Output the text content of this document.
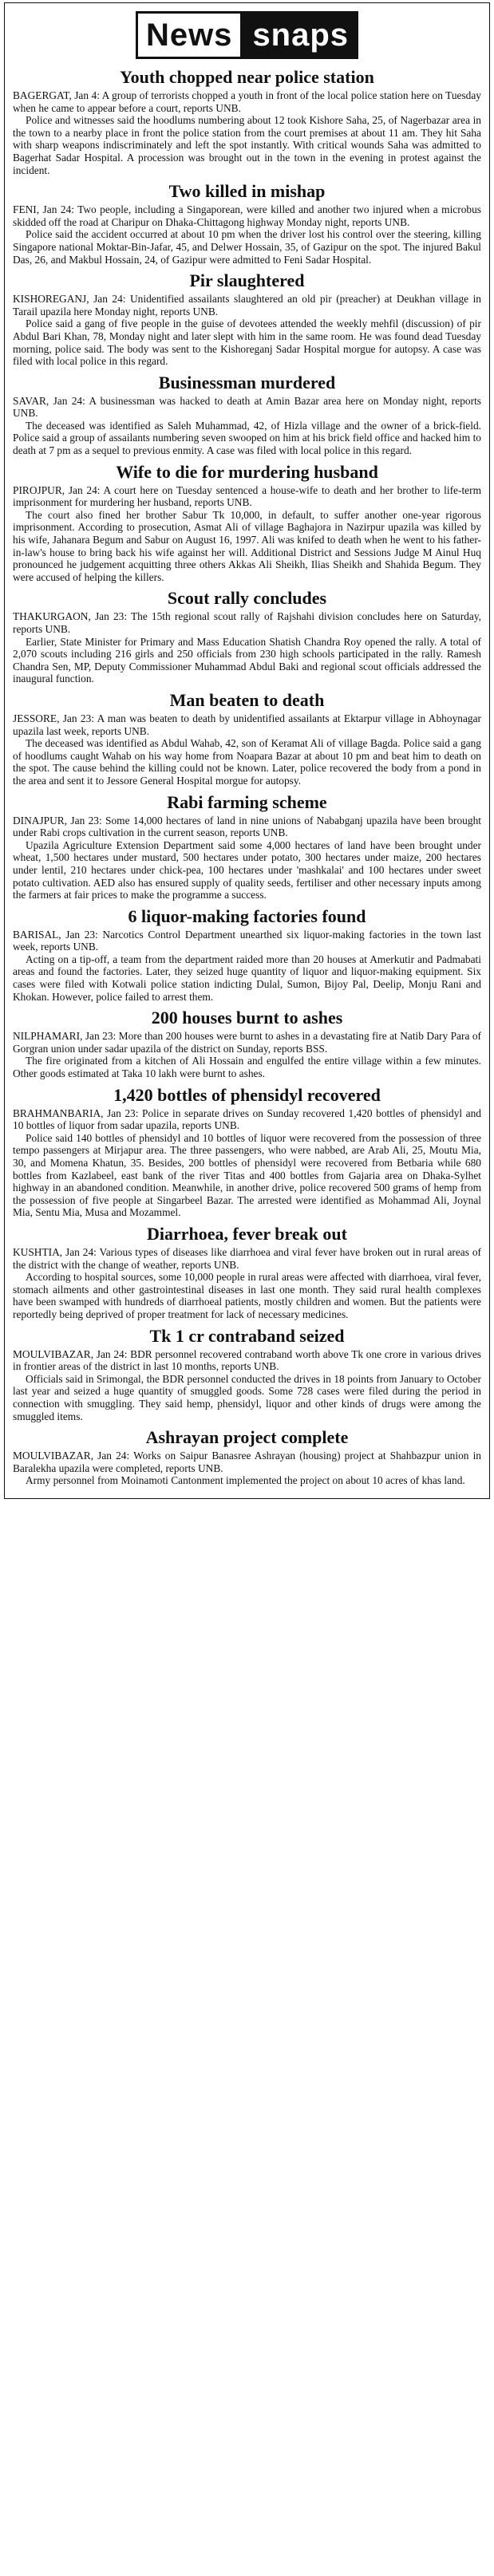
News snaps
Youth chopped near police station

BAGERGAT, Jan 4: A group of terrorists chopped a youth in front of the local police station here on Tuesday when he came to appear before a court, reports UNB.

Police and witnesses said the hoodlums numbering about 12 took Kishore Saha, 25, of Nagerbazar area in the town to a nearby place in front the police station from the court premises at about 11 am. They hit Saha with sharp weapons indiscriminately and left the spot instantly. With critical wounds Saha was admitted to Bagerhat Sadar Hospital. A procession was brought out in the town in the evening in protest against the incident.

Two killed in mishap

FENI, Jan 24: Two people, including a Singaporean, were killed and another two injured when a microbus skidded off the road at Charipur on Dhaka-Chittagong highway Monday night, reports UNB.

Police said the accident occurred at about 10 pm when the driver lost his control over the steering, killing Singapore national Moktar-Bin-Jafar, 45, and Delwer Hossain, 35, of Gazipur on the spot. The injured Bakul Das, 26, and Makbul Hossain, 24, of Gazipur were admitted to Feni Sadar Hospital.

Pir slaughtered

KISHOREGANJ, Jan 24: Unidentified assailants slaughtered an old pir (preacher) at Deukhan village in Tarail upazila here Monday night, reports UNB.

Police said a gang of five people in the guise of devotees attended the weekly mehfil (discussion) of pir Abdul Bari Khan, 78, Monday night and later slept with him in the same room. He was found dead Tuesday morning, police said. The body was sent to the Kishoreganj Sadar Hospital morgue for autopsy. A case was filed with local police in this regard.

Businessman murdered

SAVAR, Jan 24: A businessman was hacked to death at Amin Bazar area here on Monday night, reports UNB.

The deceased was identified as Saleh Muhammad, 42, of Hizla village and the owner of a brick-field. Police said a group of assailants numbering seven swooped on him at his brick field office and hacked him to death at 7 pm as a sequel to previous enmity. A case was filed with local police in this regard.

Wife to die for murdering husband

PIROJPUR, Jan 24: A court here on Tuesday sentenced a house-wife to death and her brother to life-term imprisonment for murdering her husband, reports UNB.

The court also fined her brother Sabur Tk 10,000, in default, to suffer another one-year rigorous imprisonment. According to prosecution, Asmat Ali of village Baghajora in Nazirpur upazila was killed by his wife, Jahanara Begum and Sabur on August 16, 1997. Ali was knifed to death when he went to his father-in-law's house to bring back his wife against her will. Additional District and Sessions Judge M Ainul Huq pronounced he judgement acquitting three others Akkas Ali Sheikh, Ilias Sheikh and Shahida Begum. They were accused of helping the killers.

Scout rally concludes

THAKURGAON, Jan 23: The 15th regional scout rally of Rajshahi division concludes here on Saturday, reports UNB.

Earlier, State Minister for Primary and Mass Education Shatish Chandra Roy opened the rally. A total of 2,070 scouts including 216 girls and 250 officials from 230 high schools participated in the rally. Ramesh Chandra Sen, MP, Deputy Commissioner Muhammad Abdul Baki and regional scout officials addressed the inaugural function.

Man beaten to death

JESSORE, Jan 23: A man was beaten to death by unidentified assailants at Ektarpur village in Abhoynagar upazila last week, reports UNB.

The deceased was identified as Abdul Wahab, 42, son of Keramat Ali of village Bagda. Police said a gang of hoodlums caught Wahab on his way home from Noapara Bazar at about 10 pm and beat him to death on the spot. The cause behind the killing could not be known. Later, police recovered the body from a pond in the area and sent it to Jessore General Hospital morgue for autopsy.

Rabi farming scheme

DINAJPUR, Jan 23: Some 14,000 hectares of land in nine unions of Nababganj upazila have been brought under Rabi crops cultivation in the current season, reports UNB.

Upazila Agriculture Extension Department said some 4,000 hectares of land have been brought under wheat, 1,500 hectares under mustard, 500 hectares under potato, 300 hectares under maize, 200 hectares under lentil, 210 hectares under chick-pea, 100 hectares under 'mashkalai' and 100 hectares under sweet potato cultivation. AED also has ensured supply of quality seeds, fertiliser and other necessary inputs among the farmers at fair prices to make the programme a success.

6 liquor-making factories found

BARISAL, Jan 23: Narcotics Control Department unearthed six liquor-making factories in the town last week, reports UNB.

Acting on a tip-off, a team from the department raided more than 20 houses at Amerkutir and Padmabati areas and found the factories. Later, they seized huge quantity of liquor and liquor-making equipment. Six cases were filed with Kotwali police station indicting Dulal, Sumon, Bijoy Pal, Deelip, Monju Rani and Khokan. However, police failed to arrest them.

200 houses burnt to ashes

NILPHAMARI, Jan 23: More than 200 houses were burnt to ashes in a devastating fire at Natib Dary Para of Gorgran union under sadar upazila of the district on Sunday, reports BSS.

The fire originated from a kitchen of Ali Hossain and engulfed the entire village within a few minutes. Other goods estimated at Taka 10 lakh were burnt to ashes.

1,420 bottles of phensidyl recovered

BRAHMANBARIA, Jan 23: Police in separate drives on Sunday recovered 1,420 bottles of phensidyl and 10 bottles of liquor from sadar upazila, reports UNB.

Police said 140 bottles of phensidyl and 10 bottles of liquor were recovered from the possession of three tempo passengers at Mirjapur area. The three passengers, who were nabbed, are Arab Ali, 25, Moutu Mia, 30, and Momena Khatun, 35. Besides, 200 bottles of phensidyl were recovered from Betbaria while 680 bottles from Kazlabeel, east bank of the river Titas and 400 bottles from Gajaria area on Dhaka-Sylhet highway in an abandoned condition. Meanwhile, in another drive, police recovered 500 grams of hemp from the possession of five people at Singarbeel Bazar. The arrested were identified as Mohammad Ali, Joynal Mia, Sentu Mia, Musa and Mozammel.

Diarrhoea, fever break out

KUSHTIA, Jan 24: Various types of diseases like diarrhoea and viral fever have broken out in rural areas of the district with the change of weather, reports UNB.

According to hospital sources, some 10,000 people in rural areas were affected with diarrhoea, viral fever, stomach ailments and other gastrointestinal diseases in last one month. They said rural health complexes have been swamped with hundreds of diarrhoeal patients, mostly children and women. But the patients were reportedly being deprived of proper treatment for lack of necessary medicines.

Tk 1 cr contraband seized

MOULVIBAZAR, Jan 24: BDR personnel recovered contraband worth above Tk one crore in various drives in frontier areas of the district in last 10 months, reports UNB.

Officials said in Srimongal, the BDR personnel conducted the drives in 18 points from January to October last year and seized a huge quantity of smuggled goods. Some 728 cases were filed during the period in connection with smuggling. They said hemp, phensidyl, liquor and other kinds of drugs were among the smuggled items.

Ashrayan project complete

MOULVIBAZAR, Jan 24: Works on Saipur Banasree Ashrayan (housing) project at Shahbazpur union in Baralekha upazila were completed, reports UNB.

Army personnel from Moinamoti Cantonment implemented the project on about 10 acres of khas land.
